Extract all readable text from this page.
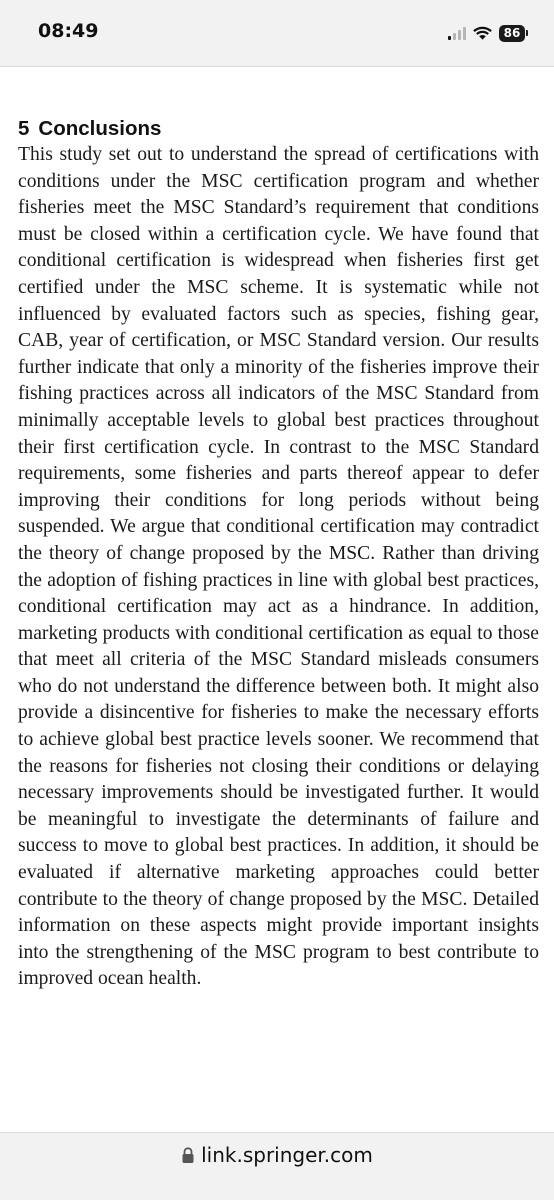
08:49	86
5 Conclusions

This study set out to understand the spread of certifications with conditions under the MSC certification program and whether fisheries meet the MSC Standard’s requirement that conditions must be closed within a certification cycle. We have found that conditional certification is widespread when fisheries first get certified under the MSC scheme. It is systematic while not influenced by evaluated factors such as species, fishing gear, CAB, year of certification, or MSC Standard version. Our results further indicate that only a minority of the fisheries improve their fishing practices across all indicators of the MSC Standard from minimally acceptable levels to global best practices throughout their first certification cycle. In contrast to the MSC Standard requirements, some fisheries and parts thereof appear to defer improving their conditions for long periods without being suspended. We argue that conditional certification may contradict the theory of change proposed by the MSC. Rather than driving the adoption of fishing practices in line with global best practices, conditional certification may act as a hindrance. In addition, marketing products with conditional certification as equal to those that meet all criteria of the MSC Standard misleads consumers who do not understand the difference between both. It might also provide a disincentive for fisheries to make the necessary efforts to achieve global best practice levels sooner. We recommend that the reasons for fisheries not closing their conditions or delaying necessary improvements should be investigated further. It would be meaningful to investigate the determinants of failure and success to move to global best practices. In addition, it should be evaluated if alternative marketing approaches could better contribute to the theory of change proposed by the MSC. Detailed information on these aspects might provide important insights into the strengthening of the MSC program to best contribute to improved ocean health.

link.springer.com
